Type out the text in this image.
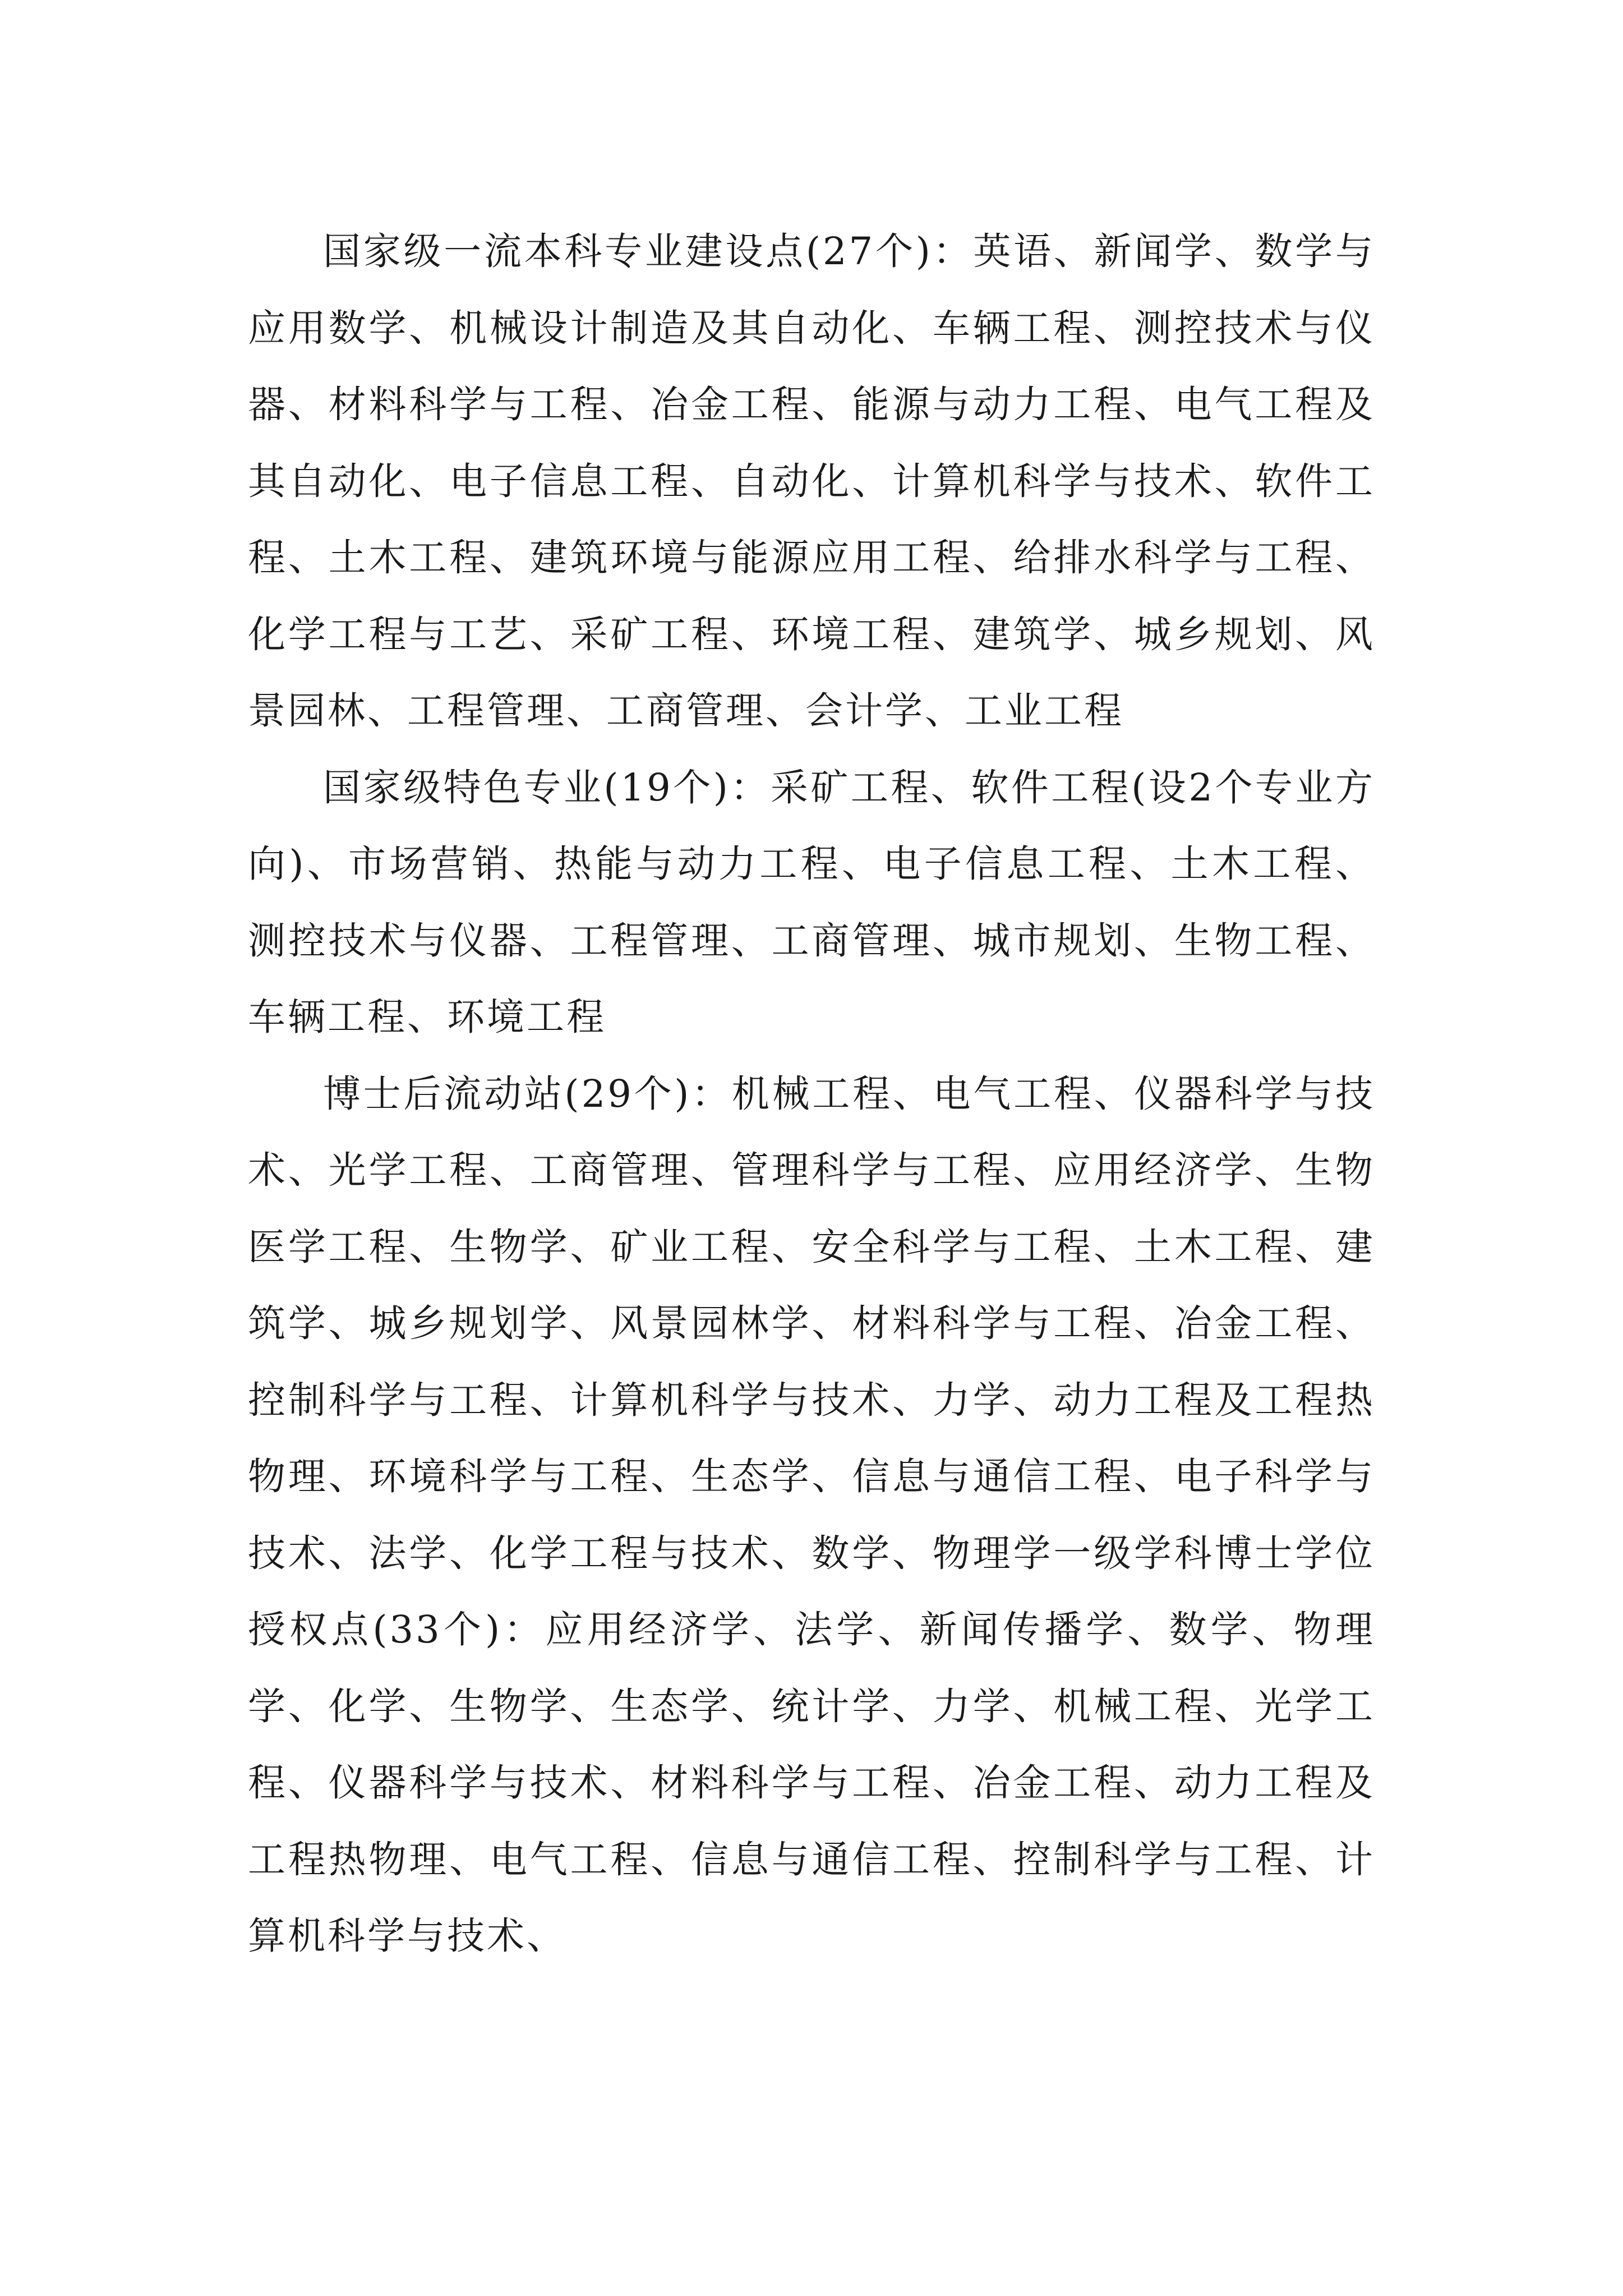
国家级一流本科专业建设点(27个)：英语、新闻学、数学与应用数学、机械设计制造及其自动化、车辆工程、测控技术与仪器、材料科学与工程、冶金工程、能源与动力工程、电气工程及其自动化、电子信息工程、自动化、计算机科学与技术、软件工程、土木工程、建筑环境与能源应用工程、给排水科学与工程、化学工程与工艺、采矿工程、环境工程、建筑学、城乡规划、风景园林、工程管理、工商管理、会计学、工业工程

国家级特色专业(19个)：采矿工程、软件工程(设2个专业方向)、市场营销、热能与动力工程、电子信息工程、土木工程、测控技术与仪器、工程管理、工商管理、城市规划、生物工程、车辆工程、环境工程

博士后流动站(29个)：机械工程、电气工程、仪器科学与技术、光学工程、工商管理、管理科学与工程、应用经济学、生物医学工程、生物学、矿业工程、安全科学与工程、土木工程、建筑学、城乡规划学、风景园林学、材料科学与工程、冶金工程、控制科学与工程、计算机科学与技术、力学、动力工程及工程热物理、环境科学与工程、生态学、信息与通信工程、电子科学与技术、法学、化学工程与技术、数学、物理学一级学科博士学位授权点(33个)：应用经济学、法学、新闻传播学、数学、物理学、化学、生物学、生态学、统计学、力学、机械工程、光学工程、仪器科学与技术、材料科学与工程、冶金工程、动力工程及工程热物理、电气工程、信息与通信工程、控制科学与工程、计算机科学与技术、
